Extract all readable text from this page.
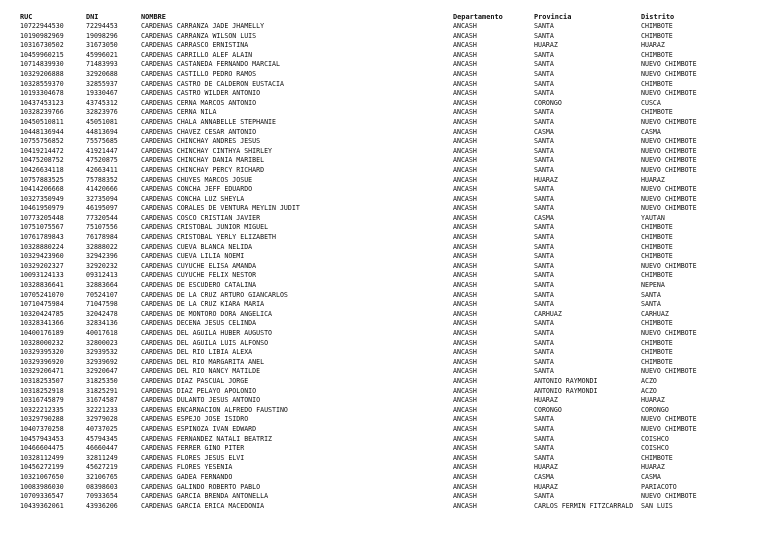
RUC	DNI	NOMBRE	Departamento	Provincia	Distrito
10722944530	72294453	CARDENAS CARRANZA JADE JHAMELLY	ANCASH	SANTA	CHIMBOTE
10190982969	19098296	CARDENAS CARRANZA WILSON LUIS	ANCASH	SANTA	CHIMBOTE
10316730502	31673050	CARDENAS CARRASCO ERNISTINA	ANCASH	HUARAZ	HUARAZ
10459960215	45996021	CARDENAS CARRILLO ALEF ALAIN	ANCASH	SANTA	CHIMBOTE
10714839930	71483993	CARDENAS CASTAÑEDA FERNANDO MARCIAL	ANCASH	SANTA	NUEVO CHIMBOTE
10329206888	32920688	CARDENAS CASTILLO PEDRO RAMOS	ANCASH	SANTA	NUEVO CHIMBOTE
10328559370	32855937	CARDENAS CASTRO DE CALDERON EUSTACIA	ANCASH	SANTA	CHIMBOTE
10193304678	19330467	CARDENAS CASTRO WILDER ANTONIO	ANCASH	SANTA	NUEVO CHIMBOTE
10437453123	43745312	CARDENAS CERNA MARCOS ANTONIO	ANCASH	CORONGO	CUSCA
10328239766	32823976	CARDENAS CERNA NILA	ANCASH	SANTA	CHIMBOTE
10450510811	45051081	CARDENAS CHALA ANNABELLE STEPHANIE	ANCASH	SANTA	NUEVO CHIMBOTE
10448136944	44813694	CARDENAS CHAVEZ CESAR ANTONIO	ANCASH	CASMA	CASMA
10755756852	75575685	CARDENAS CHINCHAY ANDRES JESUS	ANCASH	SANTA	NUEVO CHIMBOTE
10419214472	41921447	CARDENAS CHINCHAY CINTHYA SHIRLEY	ANCASH	SANTA	NUEVO CHIMBOTE
10475208752	47520875	CARDENAS CHINCHAY DANIA MARIBEL	ANCASH	SANTA	NUEVO CHIMBOTE
10426634118	42663411	CARDENAS CHINCHAY PERCY RICHARD	ANCASH	SANTA	NUEVO CHIMBOTE
10757883525	75788352	CARDENAS CHUYES MARCOS JOSUE	ANCASH	HUARAZ	HUARAZ
10414206668	41420666	CARDENAS CONCHA JEFF EDUARDO	ANCASH	SANTA	NUEVO CHIMBOTE
10327350949	32735094	CARDENAS CONCHA LUZ SHEYLA	ANCASH	SANTA	NUEVO CHIMBOTE
10461950979	46195097	CARDENAS CORALES DE VENTURA MEYLIN JUDIT	ANCASH	SANTA	NUEVO CHIMBOTE
10773205448	77320544	CARDENAS COSCO CRISTIAN JAVIER	ANCASH	CASMA	YAUTAN
10751075567	75107556	CARDENAS CRISTOBAL JUNIOR MIGUEL	ANCASH	SANTA	CHIMBOTE
10761789843	76178984	CARDENAS CRISTOBAL YERLY ELIZABETH	ANCASH	SANTA	CHIMBOTE
10328880224	32888022	CARDENAS CUEVA BLANCA NELIDA	ANCASH	SANTA	CHIMBOTE
10329423960	32942396	CARDENAS CUEVA LILIA NOEMI	ANCASH	SANTA	CHIMBOTE
10329202327	32920232	CARDENAS CUYUCHE ELISA AMANDA	ANCASH	SANTA	NUEVO CHIMBOTE
10093124133	09312413	CARDENAS CUYUCHE FELIX NESTOR	ANCASH	SANTA	CHIMBOTE
10328836641	32883664	CARDENAS DE ESCUDERO CATALINA	ANCASH	SANTA	NEPEÑA
10705241070	70524107	CARDENAS DE LA CRUZ ARTURO GIANCARLOS	ANCASH	SANTA	SANTA
10710475984	71047598	CARDENAS DE LA CRUZ KIARA MARIA	ANCASH	SANTA	SANTA
10320424785	32042478	CARDENAS DE MONTORO DORA ANGELICA	ANCASH	CARHUAZ	CARHUAZ
10328341366	32834136	CARDENAS DECENA JESUS CELINDA	ANCASH	SANTA	CHIMBOTE
10400176189	40017618	CARDENAS DEL AGUILA HUBER AUGUSTO	ANCASH	SANTA	NUEVO CHIMBOTE
10328000232	32800023	CARDENAS DEL AGUILA LUIS ALFONSO	ANCASH	SANTA	CHIMBOTE
10329395320	32939532	CARDENAS DEL RIO LIBIA ALEXA	ANCASH	SANTA	CHIMBOTE
10329396920	32939692	CARDENAS DEL RIO MARGARITA ANEL	ANCASH	SANTA	CHIMBOTE
10329206471	32920647	CARDENAS DEL RIO NANCY MATILDE	ANCASH	SANTA	NUEVO CHIMBOTE
10318253507	31825350	CARDENAS DIAZ PASCUAL JORGE	ANCASH	ANTONIO RAYMONDI	ACZO
10318252918	31825291	CARDENAS DIAZ PELAYO APOLONIO	ANCASH	ANTONIO RAYMONDI	ACZO
10316745879	31674587	CARDENAS DULANTO JESUS ANTONIO	ANCASH	HUARAZ	HUARAZ
10322212335	32221233	CARDENAS ENCARNACION ALFREDO FAUSTINO	ANCASH	CORONGO	CORONGO
10329790288	32979028	CARDENAS ESPEJO JOSE ISIDRO	ANCASH	SANTA	NUEVO CHIMBOTE
10407370258	40737025	CARDENAS ESPINOZA IVAN EDWARD	ANCASH	SANTA	NUEVO CHIMBOTE
10457943453	45794345	CARDENAS FERNANDEZ NATALI BEATRIZ	ANCASH	SANTA	COISHCO
10466604475	46660447	CARDENAS FERRER GINO PITER	ANCASH	SANTA	COISHCO
10328112499	32811249	CARDENAS FLORES JESUS ELVI	ANCASH	SANTA	CHIMBOTE
10456272199	45627219	CARDENAS FLORES YESENIA	ANCASH	HUARAZ	HUARAZ
10321067650	32106765	CARDENAS GADEA FERNANDO	ANCASH	CASMA	CASMA
10083986030	08398603	CARDENAS GALINDO ROBERTO PABLO	ANCASH	HUARAZ	PARIACOTO
10709336547	70933654	CARDENAS GARCIA BRENDA ANTONELLA	ANCASH	SANTA	NUEVO CHIMBOTE
10439362061	43936206	CARDENAS GARCIA ERICA MACEDONIA	ANCASH	CARLOS FERMIN FITZCARRALD	SAN LUIS
